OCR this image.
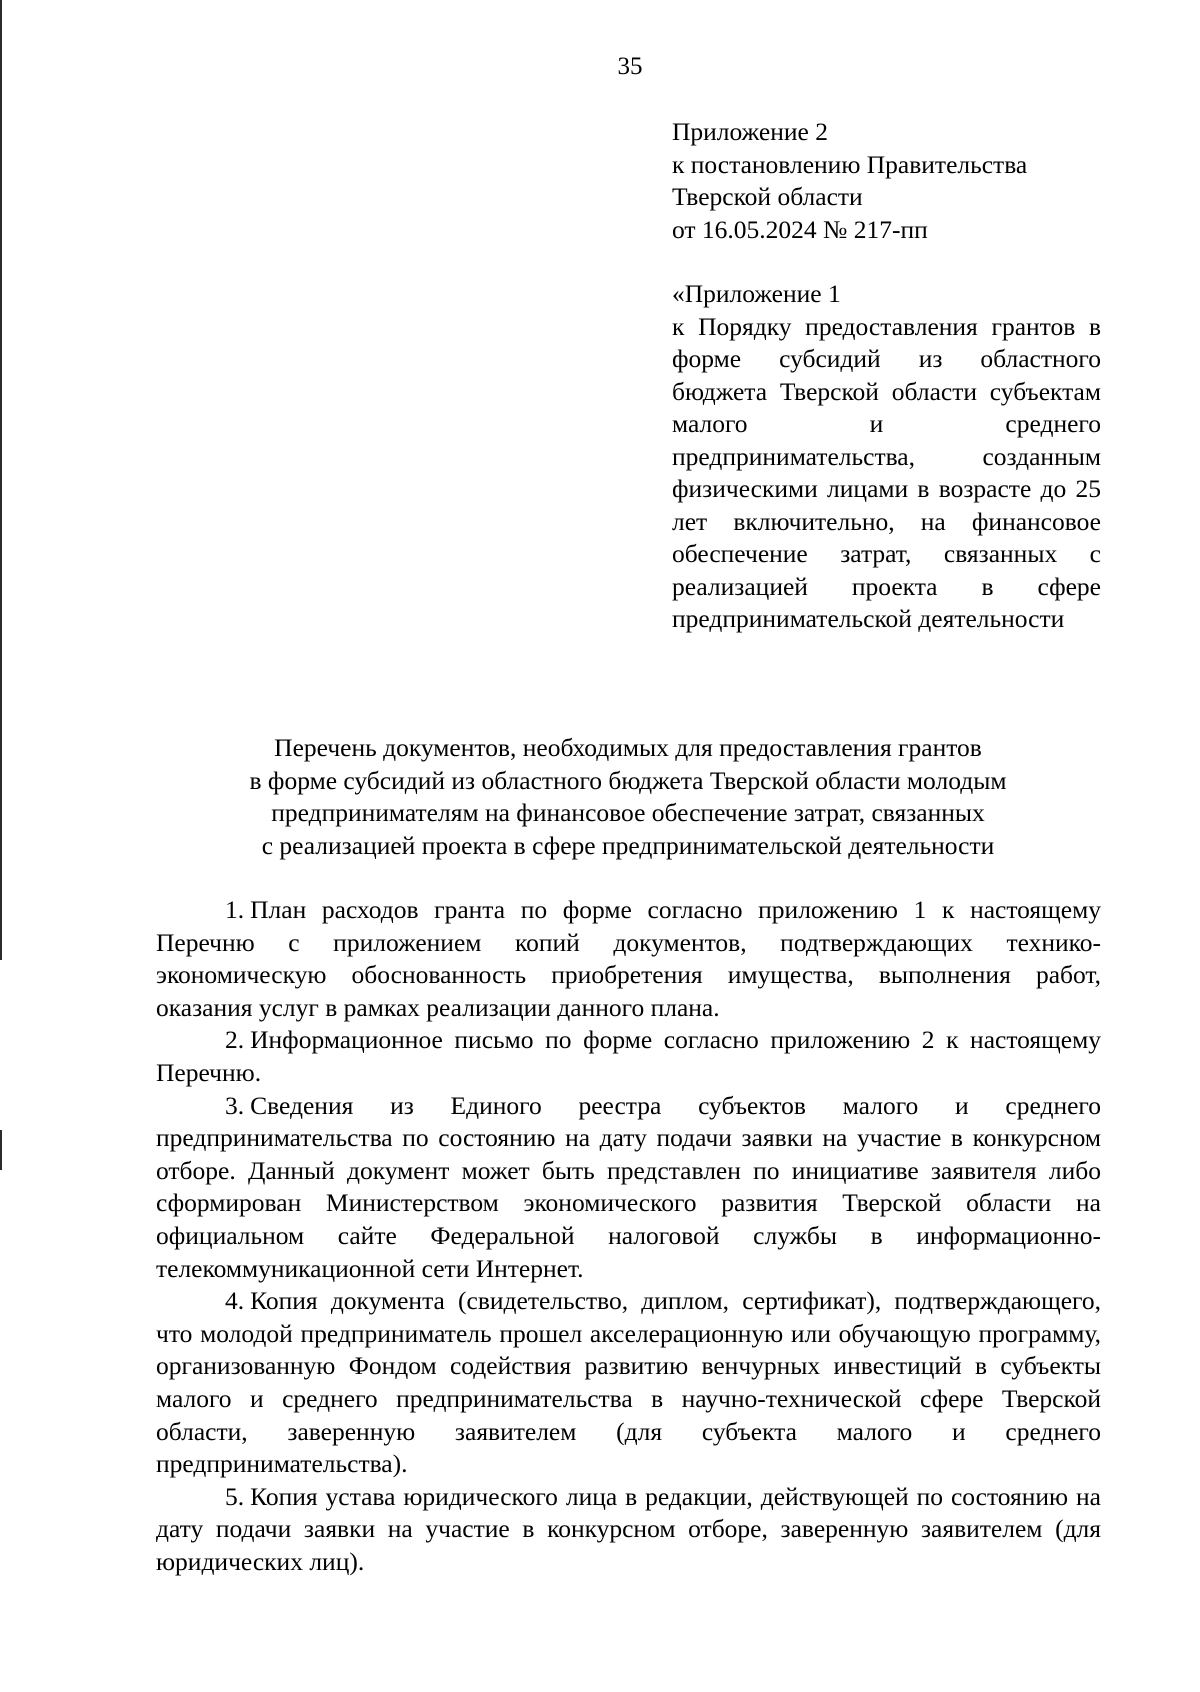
35
Приложение 2
к постановлению Правительства
Тверской области
от 16.05.2024 № 217-пп
«Приложение 1
к Порядку предоставления грантов в форме субсидий из областного бюджета Тверской области субъектам малого и среднего предпринимательства, созданным физическими лицами в возрасте до 25 лет включительно, на финансовое обеспечение затрат, связанных с реализацией проекта в сфере предпринимательской деятельности
Перечень документов, необходимых для предоставления грантов
в форме субсидий из областного бюджета Тверской области молодым
предпринимателям на финансовое обеспечение затрат, связанных
с реализацией проекта в сфере предпринимательской деятельности

1. План расходов гранта по форме согласно приложению 1 к настоящему Перечню с приложением копий документов, подтверждающих технико-экономическую обоснованность приобретения имущества, выполнения работ, оказания услуг в рамках реализации данного плана.

2. Информационное письмо по форме согласно приложению 2 к настоящему Перечню.

3. Сведения из Единого реестра субъектов малого и среднего предпринимательства по состоянию на дату подачи заявки на участие в конкурсном отборе. Данный документ может быть представлен по инициативе заявителя либо сформирован Министерством экономического развития Тверской области на официальном сайте Федеральной налоговой службы в информационно-телекоммуникационной сети Интернет.

4. Копия документа (свидетельство, диплом, сертификат), подтверждающего, что молодой предприниматель прошел акселерационную или обучающую программу, организованную Фондом содействия развитию венчурных инвестиций в субъекты малого и среднего предпринимательства в научно-технической сфере Тверской области, заверенную заявителем (для субъекта малого и среднего предпринимательства).

5. Копия устава юридического лица в редакции, действующей по состоянию на дату подачи заявки на участие в конкурсном отборе, заверенную заявителем (для юридических лиц).
